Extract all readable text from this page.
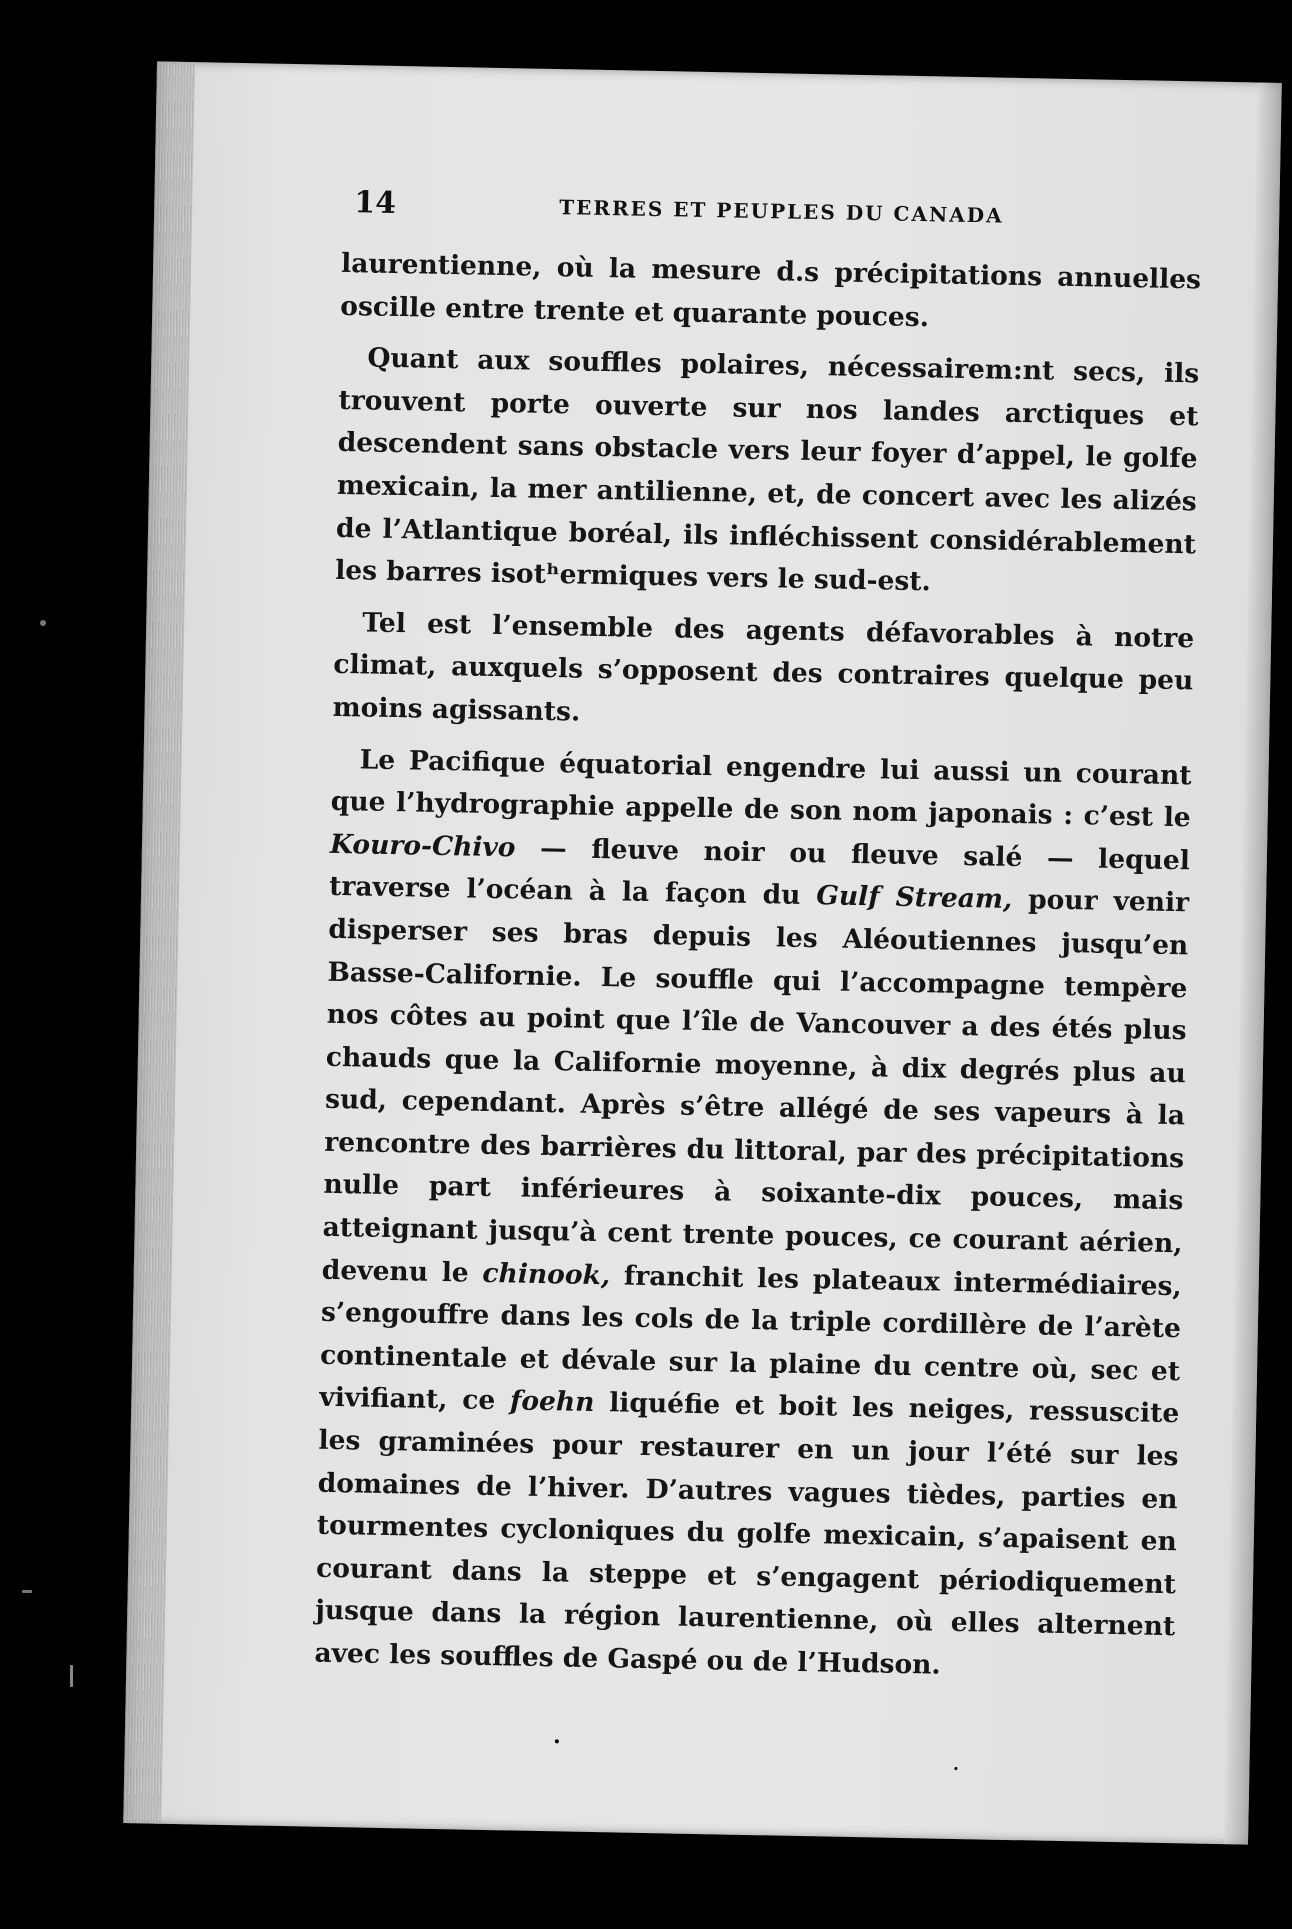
14	TERRES ET PEUPLES DU CANADA

laurentienne, où la mesure d.s précipitations annuelles oscille entre trente et quarante pouces.

Quant aux souffles polaires, nécessairem:nt secs, ils trouvent porte ouverte sur nos landes arctiques et descendent sans obstacle vers leur foyer d’appel, le golfe mexicain, la mer antilienne, et, de concert avec les alizés de l’Atlantique boréal, ils infléchissent considérablement les barres isotʰermiques vers le sud-est.

Tel est l’ensemble des agents défavorables à notre climat, auxquels s’opposent des contraires quelque peu moins agissants.

Le Pacifique équatorial engendre lui aussi un courant que l’hydrographie appelle de son nom japonais : c’est le Kouro-Chivo — fleuve noir ou fleuve salé — lequel traverse l’océan à la façon du Gulf Stream, pour venir disperser ses bras depuis les Aléoutiennes jusqu’en Basse-Californie. Le souffle qui l’accompagne tempère nos côtes au point que l’île de Vancouver a des étés plus chauds que la Californie moyenne, à dix degrés plus au sud, cependant. Après s’être allégé de ses vapeurs à la rencontre des barrières du littoral, par des précipitations nulle part inférieures à soixante-dix pouces, mais atteignant jusqu’à cent trente pouces, ce courant aérien, devenu le chinook, franchit les plateaux intermédiaires, s’engouffre dans les cols de la triple cordillère de l’arète continentale et dévale sur la plaine du centre où, sec et vivifiant, ce foehn liquéfie et boit les neiges, ressuscite les graminées pour restaurer en un jour l’été sur les domaines de l’hiver. D’autres vagues tièdes, parties en tourmentes cycloniques du golfe mexicain, s’apaisent en courant dans la steppe et s’engagent périodiquement jusque dans la région laurentienne, où elles alternent avec les souffles de Gaspé ou de l’Hudson.
